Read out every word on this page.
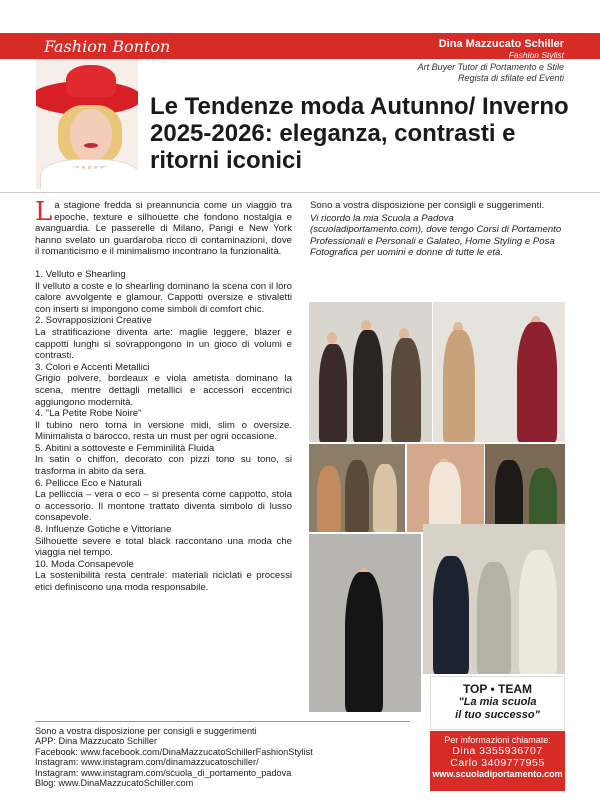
Fashion Bonton	Dina Mazzucato Schiller
Fashion Stylist
Art Buyer Tutor di Portamento e Stile
Regista di sfilate ed Eventi
Le Tendenze moda Autunno/ Inverno 2025-2026: eleganza, contrasti e ritorni iconici

La stagione fredda si preannuncia come un viaggio tra epoche, texture e silhouette che fondono nostalgia e avanguardia. Le passerelle di Milano, Parigi e New York hanno svelato un guardaroba ricco di contaminazioni, dove il romanticismo e il minimalismo incontrano la funzionalità.

1. Velluto e Shearling
Il velluto a coste e lo shearling dominano la scena con il loro calore avvolgente e glamour. Cappotti oversize e stivaletti con inserti si impongono come simboli di comfort chic.
2. Sovrapposizioni Creative
La stratificazione diventa arte: maglie leggere, blazer e cappotti lunghi si sovrappongono in un gioco di volumi e contrasti.
3. Colori e Accenti Metallici
Grigio polvere, bordeaux e viola ametista dominano la scena, mentre dettagli metallici e accessori eccentrici aggiungono modernità.
4. "La Petite Robe Noire"
Il tubino nero torna in versione midi, slim o oversize. Minimalista o barocco, resta un must per ogni occasione.
5. Abitini a sottoveste e Femminilità Fluida
In satin o chiffon, decorato con pizzi tono su tono, si trasforma in abito da sera.
6. Pellicce Eco e Naturali
La pelliccia – vera o eco – si presenta come cappotto, stola o accessorio. Il montone trattato diventa simbolo di lusso consapevole.
8. Influenze Gotiche e Vittoriane
Silhouette severe e total black raccontano una moda che viaggia nel tempo.
10. Moda Consapevole
La sostenibilità resta centrale: materiali riciclati e processi etici definiscono una moda responsabile.

Sono a vostra disposizione per consigli e suggerimenti.

Vi ricordo la mia Scuola a Padova (scuoladiportamento.com), dove tengo Corsi di Portamento Professionali e Personali e Galateo, Home Styling e Posa Fotografica per uomini e donne di tutte le età.

Sono a vostra disposizione per consigli e suggerimenti
APP: Dina Mazzucato Schiller
Facebook: www.facebook.com/DinaMazzucatoSchillerFashionStylist
Instagram: www.instagram.com/dinamazzucatoschiller/
Instagram: www.instagram.com/scuola_di_portamento_padova
Blog: www.DinaMazzucatoSchiller.com
TOP • TEAM
"La mia scuola
il tuo successo"
Per informazioni chiamate:
Dina 3355936707
Carlo 3409777955
www.scuoladiportamento.com
